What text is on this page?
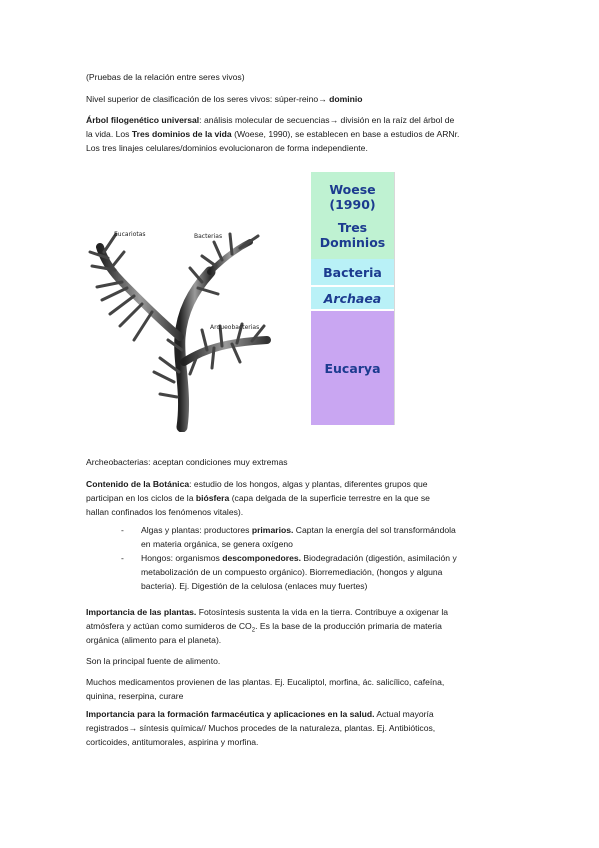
(Pruebas de la relación entre seres vivos)
Nivel superior de clasificación de los seres vivos: súper-reino→ dominio
Árbol filogenético universal: análisis molecular de secuencias→ división en la raíz del árbol de
la vida. Los Tres dominios de la vida (Woese, 1990), se establecen en base a estudios de ARNr.
Los tres linajes celulares/dominios evolucionaron de forma independiente.
Eucariotas	Bacterias
Arqueobacterias
Woese
(1990)
Tres
Dominios
Bacteria
Archaea
Eucarya
Archeobacterias: aceptan condiciones muy extremas
Contenido de la Botánica: estudio de los hongos, algas y plantas, diferentes grupos que
participan en los ciclos de la biósfera (capa delgada de la superficie terrestre en la que se
hallan confinados los fenómenos vitales).
- Algas y plantas: productores primarios. Captan la energía del sol transformándola
en materia orgánica, se genera oxígeno
- Hongos: organismos descomponedores. Biodegradación (digestión, asimilación y
metabolización de un compuesto orgánico). Biorremediación, (hongos y alguna
bacteria). Ej. Digestión de la celulosa (enlaces muy fuertes)
Importancia de las plantas. Fotosíntesis sustenta la vida en la tierra. Contribuye a oxigenar la
atmósfera y actúan como sumideros de $CO_2$. Es la base de la producción primaria de materia
orgánica (alimento para el planeta).
Son la principal fuente de alimento.
Muchos medicamentos provienen de las plantas. Ej. Eucaliptol, morfina, ác. salicílico, cafeína,
quinina, reserpina, curare
Importancia para la formación farmacéutica y aplicaciones en la salud. Actual mayoría
registrados→ síntesis química// Muchos procedes de la naturaleza, plantas. Ej. Antibióticos,
corticoides, antitumorales, aspirina y morfina.
